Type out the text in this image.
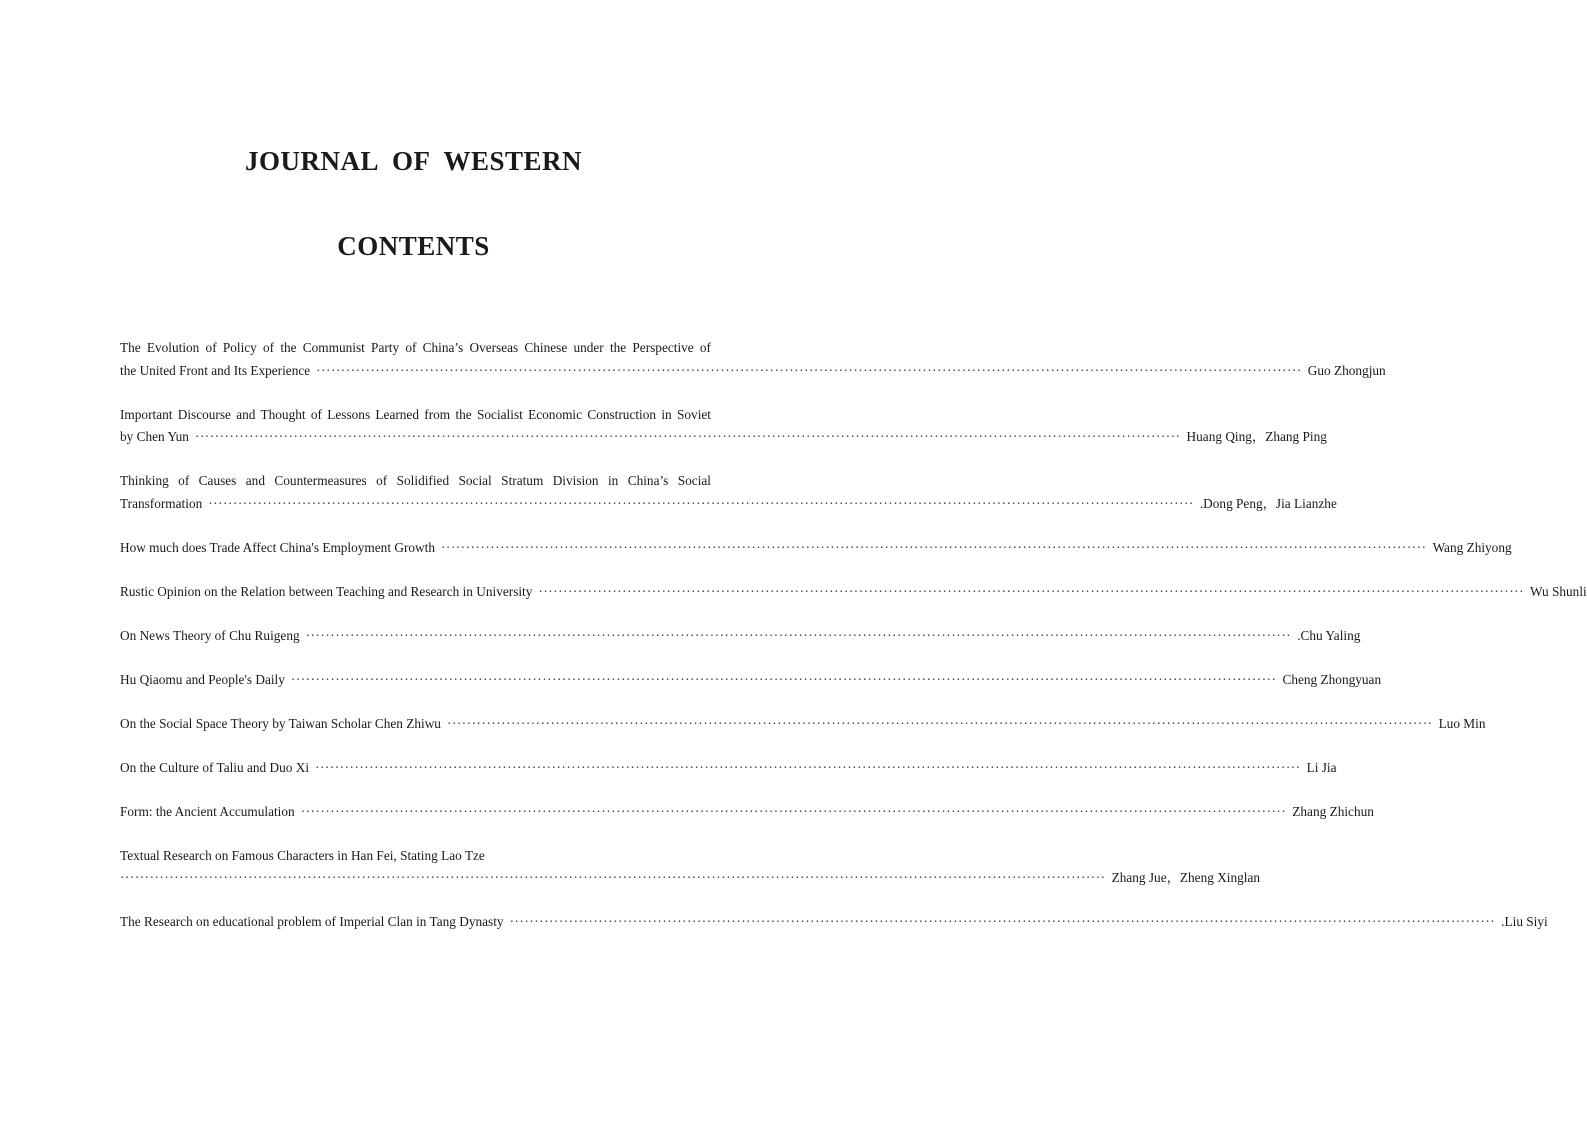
JOURNAL  OF  WESTERN
CONTENTS
The Evolution of Policy of the Communist Party of China’s Overseas Chinese under the Perspective of
the United Front and Its Experience ········································································································································································································ Guo Zhongjun
Important Discourse and Thought of Lessons Learned from the Socialist Economic Construction in Soviet
by Chen Yun ········································································································································································································ Huang Qing，Zhang Ping
Thinking of Causes and Countermeasures of Solidified Social Stratum Division in China’s Social
Transformation ········································································································································································································ .Dong Peng，Jia Lianzhe
How much does Trade Affect China's Employment Growth ········································································································································································································ Wang Zhiyong
Rustic Opinion on the Relation between Teaching and Research in University ········································································································································································································ Wu Shunli
On News Theory of Chu Ruigeng ········································································································································································································ .Chu Yaling
Hu Qiaomu and People's Daily ········································································································································································································ Cheng Zhongyuan
On the Social Space Theory by Taiwan Scholar Chen Zhiwu ········································································································································································································ Luo Min
On the Culture of Taliu and Duo Xi ········································································································································································································ Li Jia
Form: the Ancient Accumulation ········································································································································································································ Zhang Zhichun
Textual Research on Famous Characters in Han Fei, Stating Lao Tze
········································································································································································································ Zhang Jue，Zheng Xinglan
The Research on educational problem of Imperial Clan in Tang Dynasty ········································································································································································································ .Liu Siyi
